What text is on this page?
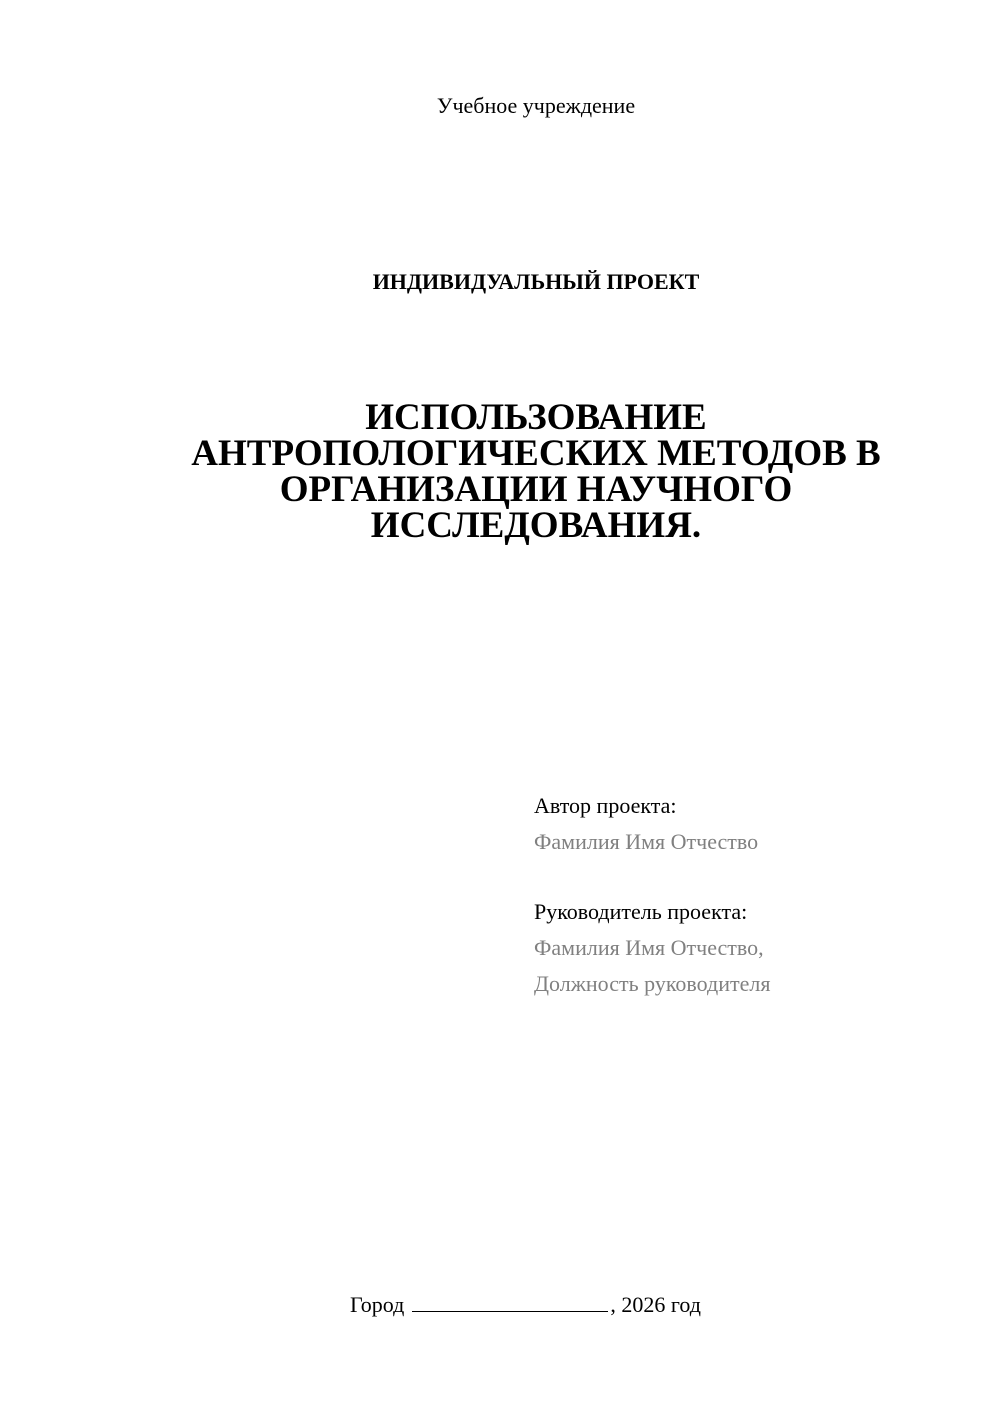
Учебное учреждение
ИНДИВИДУАЛЬНЫЙ ПРОЕКТ
ИСПОЛЬЗОВАНИЕ
АНТРОПОЛОГИЧЕСКИХ МЕТОДОВ В
ОРГАНИЗАЦИИ НАУЧНОГО
ИССЛЕДОВАНИЯ.
Автор проекта:
Фамилия Имя Отчество
Руководитель проекта:
Фамилия Имя Отчество,
Должность руководителя
Город	, 2026 год
